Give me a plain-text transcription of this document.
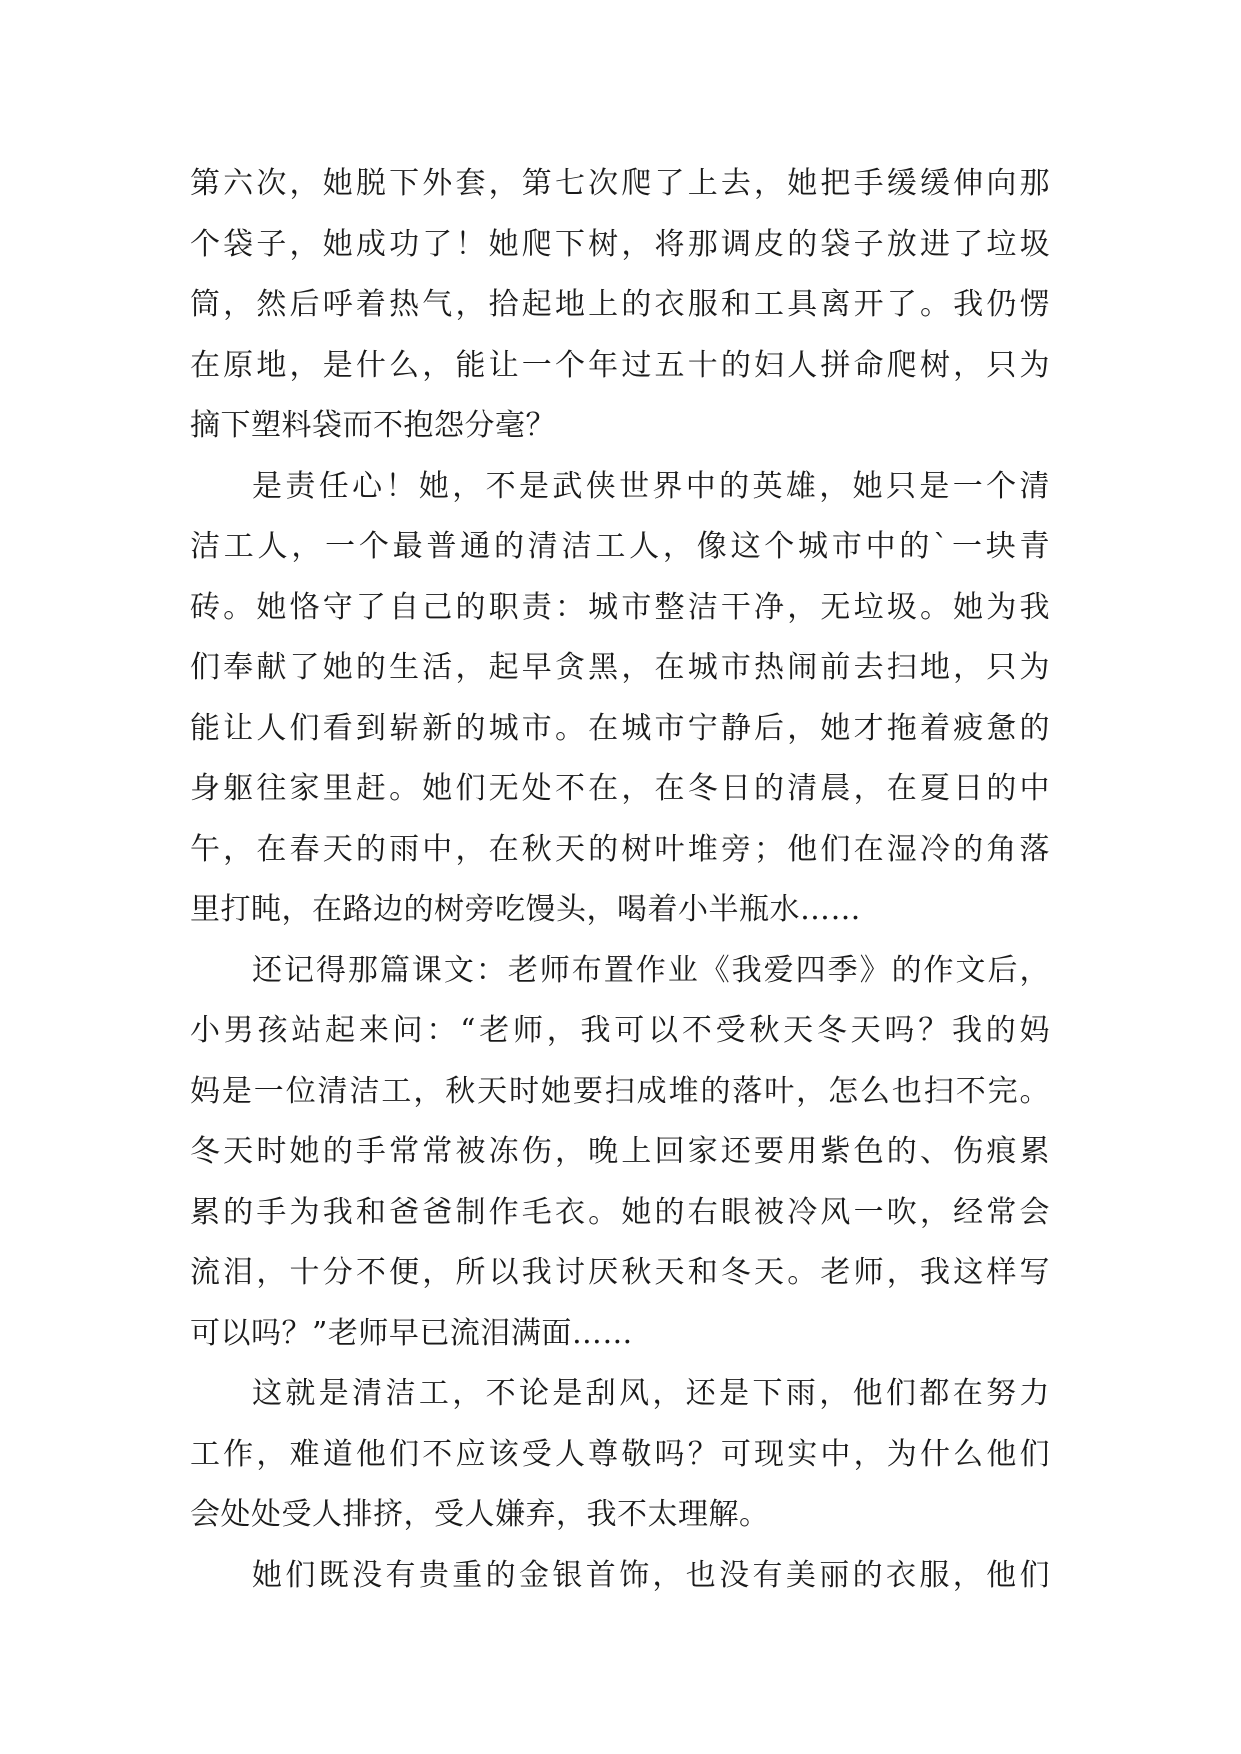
第六次，她脱下外套，第七次爬了上去，她把手缓缓伸向那
个袋子，她成功了！她爬下树，将那调皮的袋子放进了垃圾
筒，然后呼着热气，拾起地上的衣服和工具离开了。我仍愣
在原地，是什么，能让一个年过五十的妇人拼命爬树，只为
摘下塑料袋而不抱怨分毫？
是责任心！她，不是武侠世界中的英雄，她只是一个清
洁工人，一个最普通的清洁工人，像这个城市中的`一块青
砖。她恪守了自己的职责：城市整洁干净，无垃圾。她为我
们奉献了她的生活，起早贪黑，在城市热闹前去扫地，只为
能让人们看到崭新的城市。在城市宁静后，她才拖着疲惫的
身躯往家里赶。她们无处不在，在冬日的清晨，在夏日的中
午，在春天的雨中，在秋天的树叶堆旁；他们在湿冷的角落
里打盹，在路边的树旁吃馒头，喝着小半瓶水……
还记得那篇课文：老师布置作业《我爱四季》的作文后，
小男孩站起来问：“老师，我可以不受秋天冬天吗？我的妈
妈是一位清洁工，秋天时她要扫成堆的落叶，怎么也扫不完。
冬天时她的手常常被冻伤，晚上回家还要用紫色的、伤痕累
累的手为我和爸爸制作毛衣。她的右眼被冷风一吹，经常会
流泪，十分不便，所以我讨厌秋天和冬天。老师，我这样写
可以吗？”老师早已流泪满面……
这就是清洁工，不论是刮风，还是下雨，他们都在努力
工作，难道他们不应该受人尊敬吗？可现实中，为什么他们
会处处受人排挤，受人嫌弃，我不太理解。
她们既没有贵重的金银首饰，也没有美丽的衣服，他们
